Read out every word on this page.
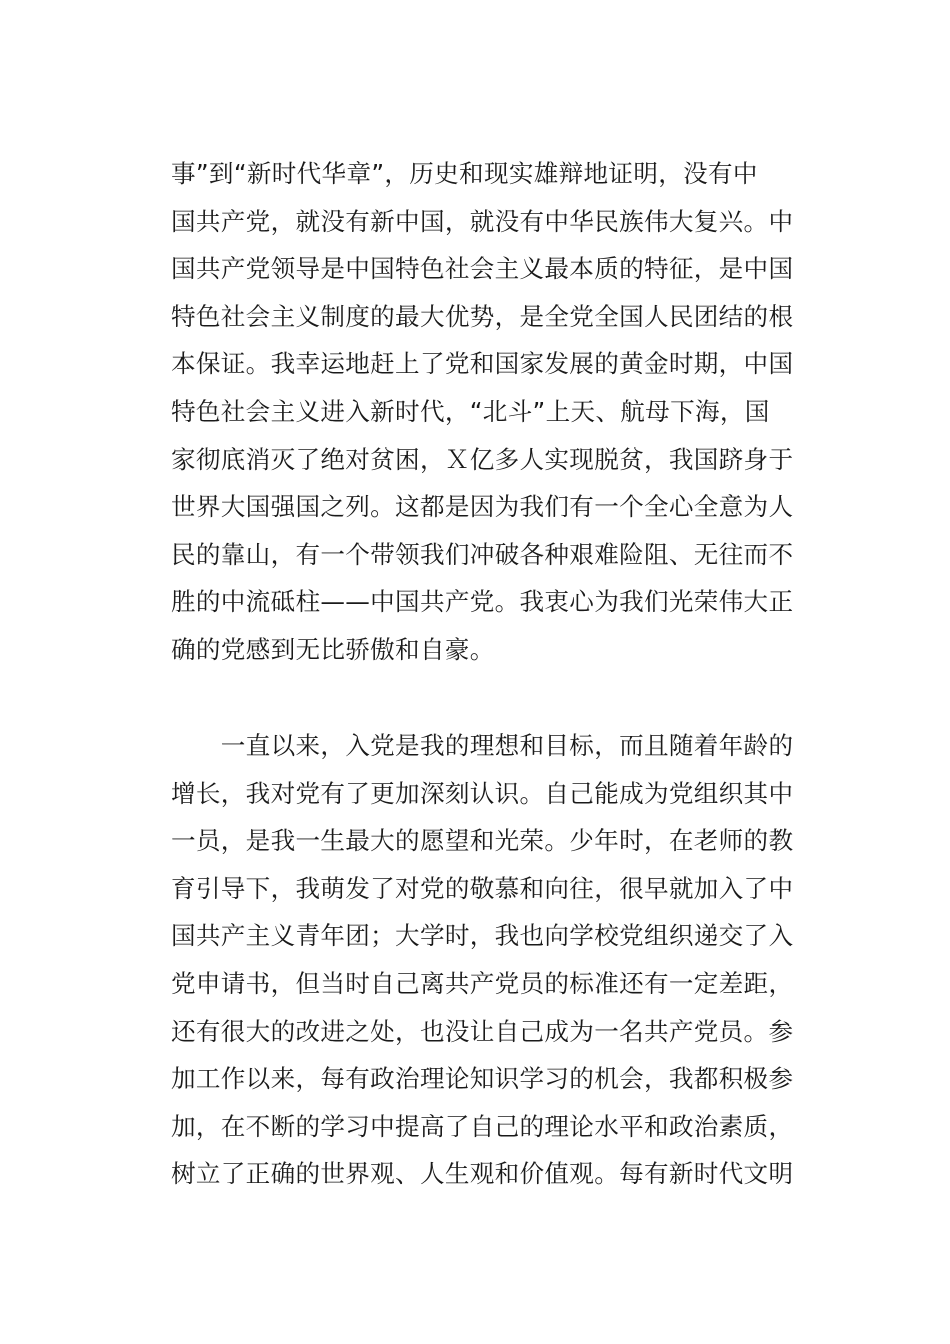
事”到“新时代华章”，历史和现实雄辩地证明，没有中
国共产党，就没有新中国，就没有中华民族伟大复兴。中
国共产党领导是中国特色社会主义最本质的特征，是中国
特色社会主义制度的最大优势，是全党全国人民团结的根
本保证。我幸运地赶上了党和国家发展的黄金时期，中国
特色社会主义进入新时代，“北斗”上天、航母下海，国
家彻底消灭了绝对贫困，Ｘ亿多人实现脱贫，我国跻身于
世界大国强国之列。这都是因为我们有一个全心全意为人
民的靠山，有一个带领我们冲破各种艰难险阻、无往而不
胜的中流砥柱——中国共产党。我衷心为我们光荣伟大正
确的党感到无比骄傲和自豪。
　　一直以来，入党是我的理想和目标，而且随着年龄的
增长，我对党有了更加深刻认识。自己能成为党组织其中
一员，是我一生最大的愿望和光荣。少年时，在老师的教
育引导下，我萌发了对党的敬慕和向往，很早就加入了中
国共产主义青年团；大学时，我也向学校党组织递交了入
党申请书，但当时自己离共产党员的标准还有一定差距，
还有很大的改进之处，也没让自己成为一名共产党员。参
加工作以来，每有政治理论知识学习的机会，我都积极参
加，在不断的学习中提高了自己的理论水平和政治素质，
树立了正确的世界观、人生观和价值观。每有新时代文明
